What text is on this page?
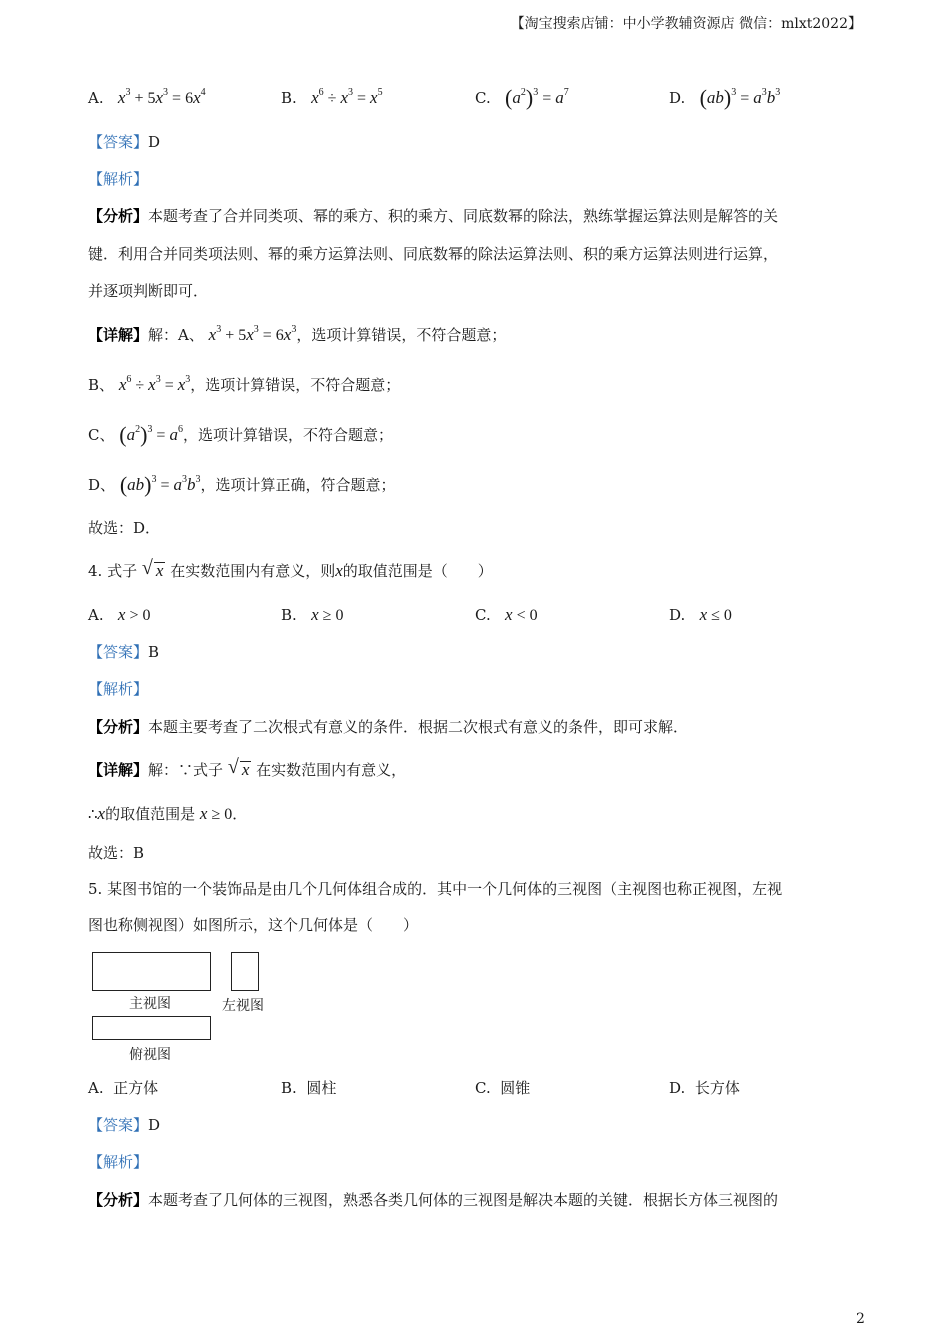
【淘宝搜索店铺：中小学教辅资源店 微信：mlxt2022】
A. $x^3 + 5x^3 = 6x^4$	B. $x^6 \div x^3 = x^5$	C. $(a^2)^3 = a^7$	D. $(ab)^3 = a^3b^3$
【答案】D
【解析】
【分析】本题考查了合并同类项、幂的乘方、积的乘方、同底数幂的除法，熟练掌握运算法则是解答的关
键．利用合并同类项法则、幂的乘方运算法则、同底数幂的除法运算法则、积的乘方运算法则进行运算，
并逐项判断即可．
【详解】解：A、 $x^3 + 5x^3 = 6x^3$，选项计算错误，不符合题意；
B、 $x^6 \div x^3 = x^3$，选项计算错误，不符合题意；
C、 $(a^2)^3 = a^6$，选项计算错误，不符合题意；
D、 $(ab)^3 = a^3b^3$，选项计算正确，符合题意；
故选：D．
4. 式子 √ x 在实数范围内有意义，则x的取值范围是（　　）
A. x > 0	B. x ≥ 0	C. x < 0	D. x ≤ 0
【答案】B
【解析】
【分析】本题主要考查了二次根式有意义的条件．根据二次根式有意义的条件，即可求解．
【详解】解：∵式子 √ x 在实数范围内有意义，
∴x的取值范围是 x ≥ 0．
故选：B
5. 某图书馆的一个装饰品是由几个几何体组合成的．其中一个几何体的三视图（主视图也称正视图，左视
图也称侧视图）如图所示，这个几何体是（　　）
主视图	左视图
俯视图
A. 正方体	B. 圆柱	C. 圆锥	D. 长方体
【答案】D
【解析】
【分析】本题考查了几何体的三视图，熟悉各类几何体的三视图是解决本题的关键．根据长方体三视图的
2
